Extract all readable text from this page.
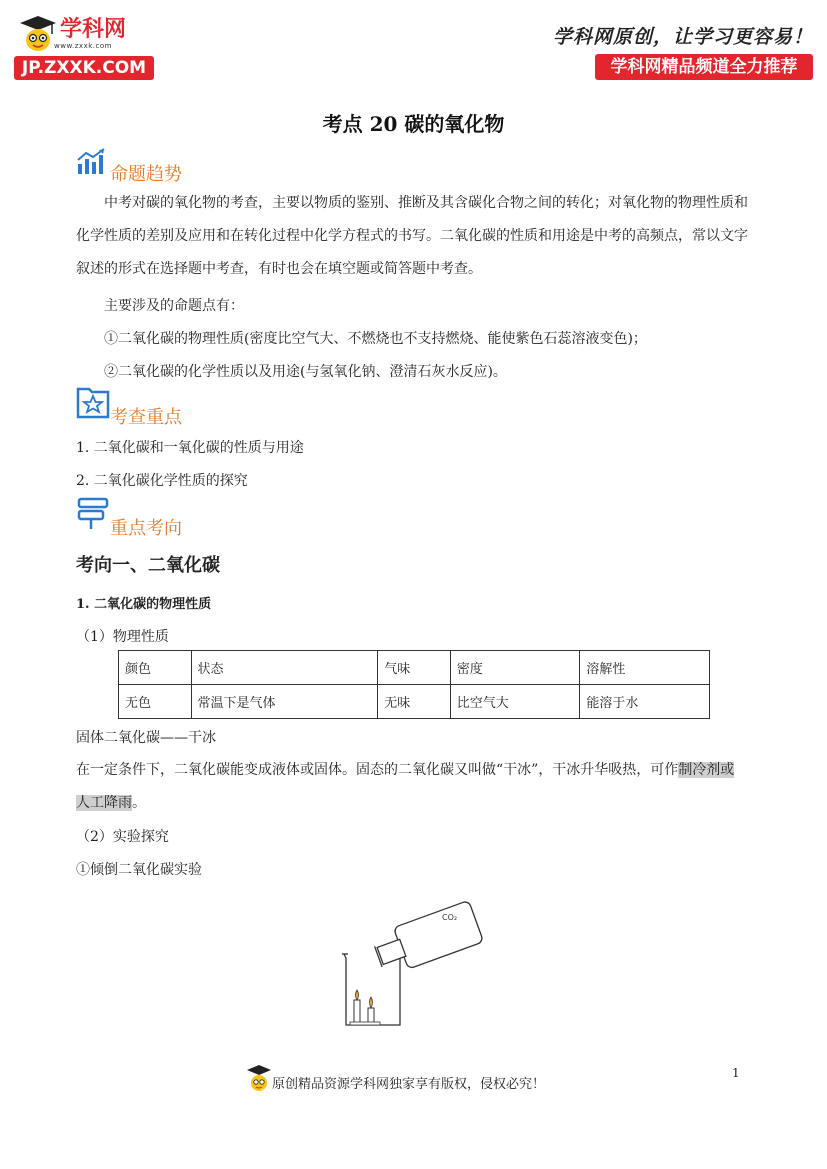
学科网
www.zxxk.com
JP.ZXXK.COM
学科网原创，让学习更容易！
学科网精品频道全力推荐
考点 20 碳的氧化物
命题趋势
中考对碳的氧化物的考查，主要以物质的鉴别、推断及其含碳化合物之间的转化；对氧化物的物理性质和化学性质的差别及应用和在转化过程中化学方程式的书写。二氧化碳的性质和用途是中考的高频点，常以文字叙述的形式在选择题中考查，有时也会在填空题或简答题中考查。
主要涉及的命题点有：
①二氧化碳的物理性质(密度比空气大、不燃烧也不支持燃烧、能使紫色石蕊溶液变色)；
②二氧化碳的化学性质以及用途(与氢氧化钠、澄清石灰水反应)。
考查重点
1. 二氧化碳和一氧化碳的性质与用途
2. 二氧化碳化学性质的探究
重点考向
考向一、二氧化碳
1. 二氧化碳的物理性质
（1）物理性质
颜色	状态	气味	密度	溶解性
无色	常温下是气体	无味	比空气大	能溶于水
固体二氧化碳——干冰
在一定条件下，二氧化碳能变成液体或固体。固态的二氧化碳又叫做“干冰”，干冰升华吸热，可作制冷剂或
人工降雨。
（2）实验探究
①倾倒二氧化碳实验
CO₂
1
原创精品资源学科网独家享有版权，侵权必究！
